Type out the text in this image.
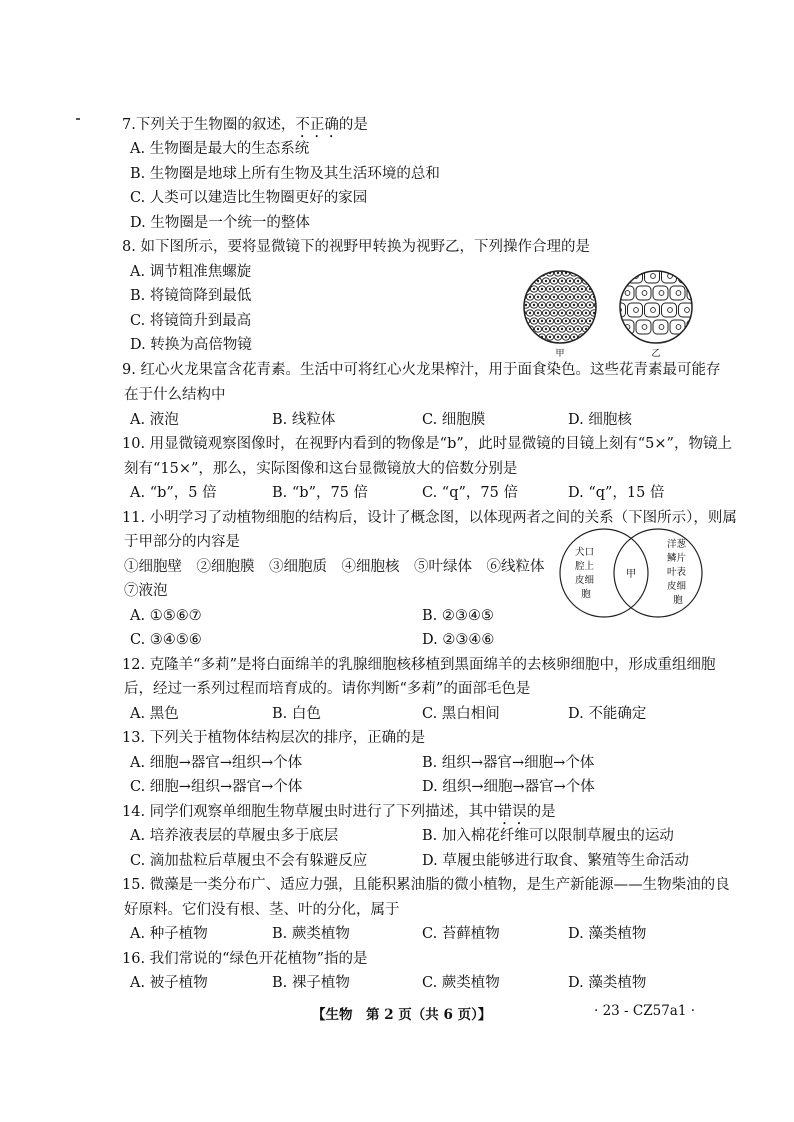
7.下列关于生物圈的叙述，不正确的是
A. 生物圈是最大的生态系统
B. 生物圈是地球上所有生物及其生活环境的总和
C. 人类可以建造比生物圈更好的家园
D. 生物圈是一个统一的整体
8. 如下图所示，要将显微镜下的视野甲转换为视野乙，下列操作合理的是
A. 调节粗准焦螺旋
B. 将镜筒降到最低
C. 将镜筒升到最高
D. 转换为高倍物镜
甲	乙
9. 红心火龙果富含花青素。生活中可将红心火龙果榨汁，用于面食染色。这些花青素最可能存
在于什么结构中
A. 液泡	B. 线粒体	C. 细胞膜	D. 细胞核
10. 用显微镜观察图像时，在视野内看到的物像是“b”，此时显微镜的目镜上刻有“5×”，物镜上
刻有“15×”，那么，实际图像和这台显微镜放大的倍数分别是
A. “b”，5 倍	B. “b”，75 倍	C. “q”，75 倍	D. “q”，15 倍
11. 小明学习了动植物细胞的结构后，设计了概念图，以体现两者之间的关系（下图所示），则属
于甲部分的内容是
①细胞壁　②细胞膜　③细胞质　④细胞核　⑤叶绿体　⑥线粒体
⑦液泡
A. ①⑤⑥⑦	B. ②③④⑤
C. ③④⑤⑥	D. ②③④⑥
犬口 腔上 皮细 胞
甲
洋葱 鳞片 叶表 皮细 胞
12. 克隆羊“多莉”是将白面绵羊的乳腺细胞核移植到黑面绵羊的去核卵细胞中，形成重组细胞
后，经过一系列过程而培育成的。请你判断“多莉”的面部毛色是
A. 黑色	B. 白色	C. 黑白相间	D. 不能确定
13. 下列关于植物体结构层次的排序，正确的是
A. 细胞→器官→组织→个体	B. 组织→器官→细胞→个体
C. 细胞→组织→器官→个体	D. 组织→细胞→器官→个体
14. 同学们观察单细胞生物草履虫时进行了下列描述，其中错误的是
A. 培养液表层的草履虫多于底层	B. 加入棉花纤维可以限制草履虫的运动
C. 滴加盐粒后草履虫不会有躲避反应	D. 草履虫能够进行取食、繁殖等生命活动
15. 微藻是一类分布广、适应力强，且能积累油脂的微小植物，是生产新能源——生物柴油的良
好原料。它们没有根、茎、叶的分化，属于
A. 种子植物	B. 蕨类植物	C. 苔藓植物	D. 藻类植物
16. 我们常说的“绿色开花植物”指的是
A. 被子植物	B. 裸子植物	C. 蕨类植物	D. 藻类植物
【生物　第 2 页（共 6 页）】	· 23 - CZ57a1 ·
